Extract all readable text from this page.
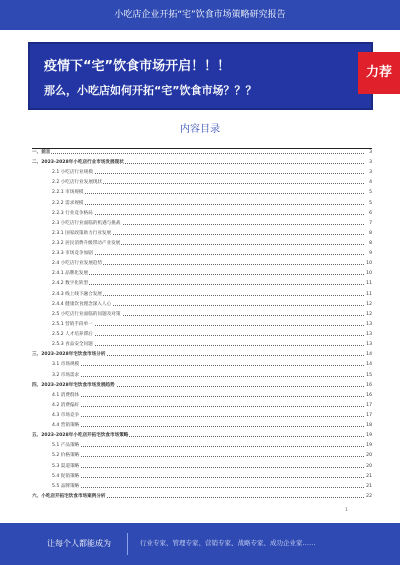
小吃店企业开拓“宅”饮食市场策略研究报告
疫情下“宅”饮食市场开启！！！
那么，小吃店如何开拓“宅”饮食市场？？？
力荐
内容目录
一、前言	3
二、2023-2028年小吃店行业市场发展现状	3
2.1 小吃店行业规模	3
2.2 小吃店行业发展现状	4
2.2.1 市场规模	5
2.2.2 需求规模	5
2.2.3 行业竞争格局	6
2.3 小吃店行业面临的机遇与挑战	7
2.3.1 国家政策助力行业发展	8
2.3.2 居民消费升级带动产业发展	8
2.3.3 市场竞争加剧	9
2.4 小吃店行业发展趋势	10
2.4.1 品牌化发展	10
2.4.2 数字化转型	11
2.4.3 线上线下融合发展	11
2.4.4 健康饮食理念深入人心	12
2.5 小吃店行业面临的问题及对策	12
2.5.1 营销手段单一	13
2.5.2 人才培养滞后	13
2.5.3 食品安全问题	13
三、2023-2028年宅饮食市场分析	14
3.1 市场规模	14
3.2 市场需求	15
四、2023-2028年宅饮食市场发展趋势	16
4.1 消费群体	16
4.2 消费偏好	17
4.3 市场竞争	17
4.4 营销策略	18
五、2023-2028年小吃店开拓宅饮食市场策略	19
5.1 产品策略	19
5.2 价格策略	20
5.3 渠道策略	20
5.4 促销策略	21
5.5 品牌策略	21
六、小吃店开拓宅饮食市场案例分析	22
1
让每个人都能成为	行业专家、管理专家、营销专家、战略专家、成功企业家……
